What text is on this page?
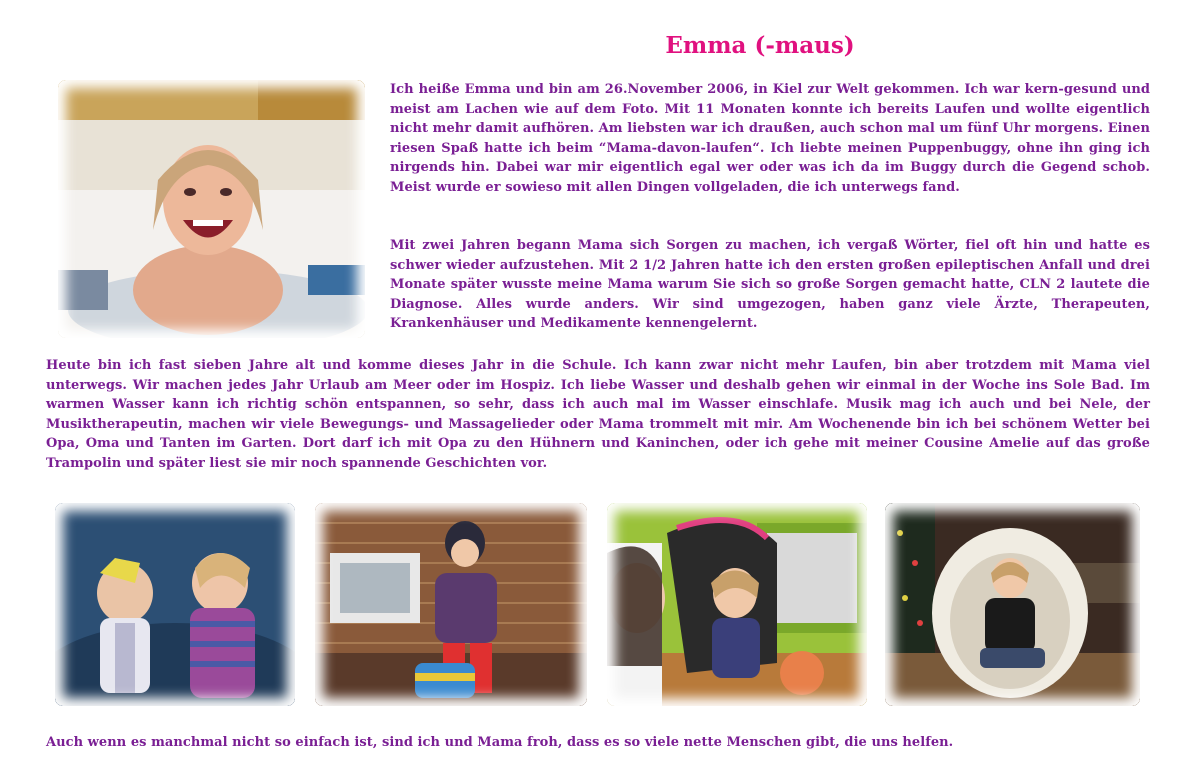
Emma (-maus)

Ich heiße Emma und bin am 26.November 2006, in Kiel zur Welt gekommen. Ich war kern-gesund und meist am Lachen wie auf dem Foto. Mit 11 Monaten konnte ich bereits Laufen und wollte eigentlich nicht mehr damit aufhören. Am liebsten war ich draußen, auch schon mal um fünf Uhr morgens. Einen riesen Spaß hatte ich beim “Mama-davon-laufen“. Ich liebte meinen Puppenbuggy, ohne ihn ging ich nirgends hin. Dabei war mir eigentlich egal wer oder was ich da im Buggy durch die Gegend schob. Meist wurde er sowieso mit allen Dingen vollgeladen, die ich unterwegs fand.

Mit zwei Jahren begann Mama sich Sorgen zu machen, ich vergaß Wörter, fiel oft hin und hatte es schwer wieder aufzustehen. Mit 2 1/2 Jahren hatte ich den ersten großen epileptischen Anfall und drei Monate später wusste meine Mama warum Sie sich so große Sorgen gemacht hatte, CLN 2 lautete die Diagnose. Alles wurde anders. Wir sind umgezogen, haben ganz viele Ärzte, Therapeuten, Krankenhäuser und Medikamente kennengelernt.

Heute bin ich fast sieben Jahre alt und komme dieses Jahr in die Schule. Ich kann zwar nicht mehr Laufen, bin aber trotzdem mit Mama viel unterwegs. Wir machen jedes Jahr Urlaub am Meer oder im Hospiz. Ich liebe Wasser und deshalb gehen wir einmal in der Woche ins Sole Bad. Im warmen Wasser kann ich richtig schön entspannen, so sehr, dass ich auch mal im Wasser einschlafe. Musik mag ich auch und bei Nele, der Musiktherapeutin, machen wir viele Bewegungs- und Massagelieder oder Mama trommelt mit mir. Am Wochenende bin ich bei schönem Wetter bei Opa, Oma und Tanten im Garten. Dort darf ich mit Opa zu den Hühnern und Kaninchen, oder ich gehe mit meiner Cousine Amelie auf das große Trampolin und später liest sie mir noch spannende Geschichten vor.

Auch wenn es manchmal nicht so einfach ist, sind ich und Mama froh, dass es so viele nette Menschen gibt, die uns helfen.
